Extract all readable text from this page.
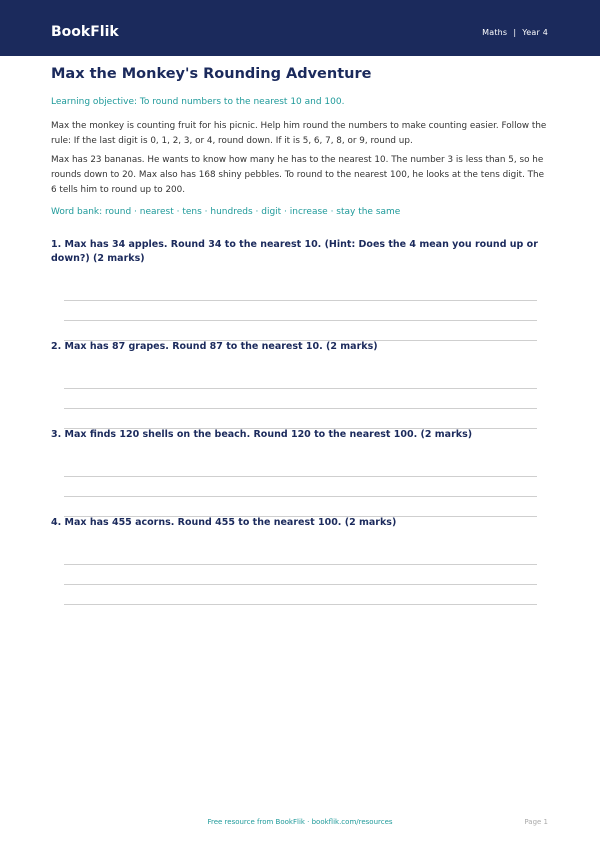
BookFlik	Maths | Year 4
Max the Monkey's Rounding Adventure
Learning objective: To round numbers to the nearest 10 and 100.
Max the monkey is counting fruit for his picnic. Help him round the numbers to make counting easier. Follow the rule: If the last digit is 0, 1, 2, 3, or 4, round down. If it is 5, 6, 7, 8, or 9, round up.
Max has 23 bananas. He wants to know how many he has to the nearest 10. The number 3 is less than 5, so he rounds down to 20. Max also has 168 shiny pebbles. To round to the nearest 100, he looks at the tens digit. The 6 tells him to round up to 200.
Word bank: round · nearest · tens · hundreds · digit · increase · stay the same
1. Max has 34 apples. Round 34 to the nearest 10. (Hint: Does the 4 mean you round up or down?) (2 marks)
2. Max has 87 grapes. Round 87 to the nearest 10. (2 marks)
3. Max finds 120 shells on the beach. Round 120 to the nearest 100. (2 marks)
4. Max has 455 acorns. Round 455 to the nearest 100. (2 marks)
Free resource from BookFlik · bookflik.com/resources	Page 1
